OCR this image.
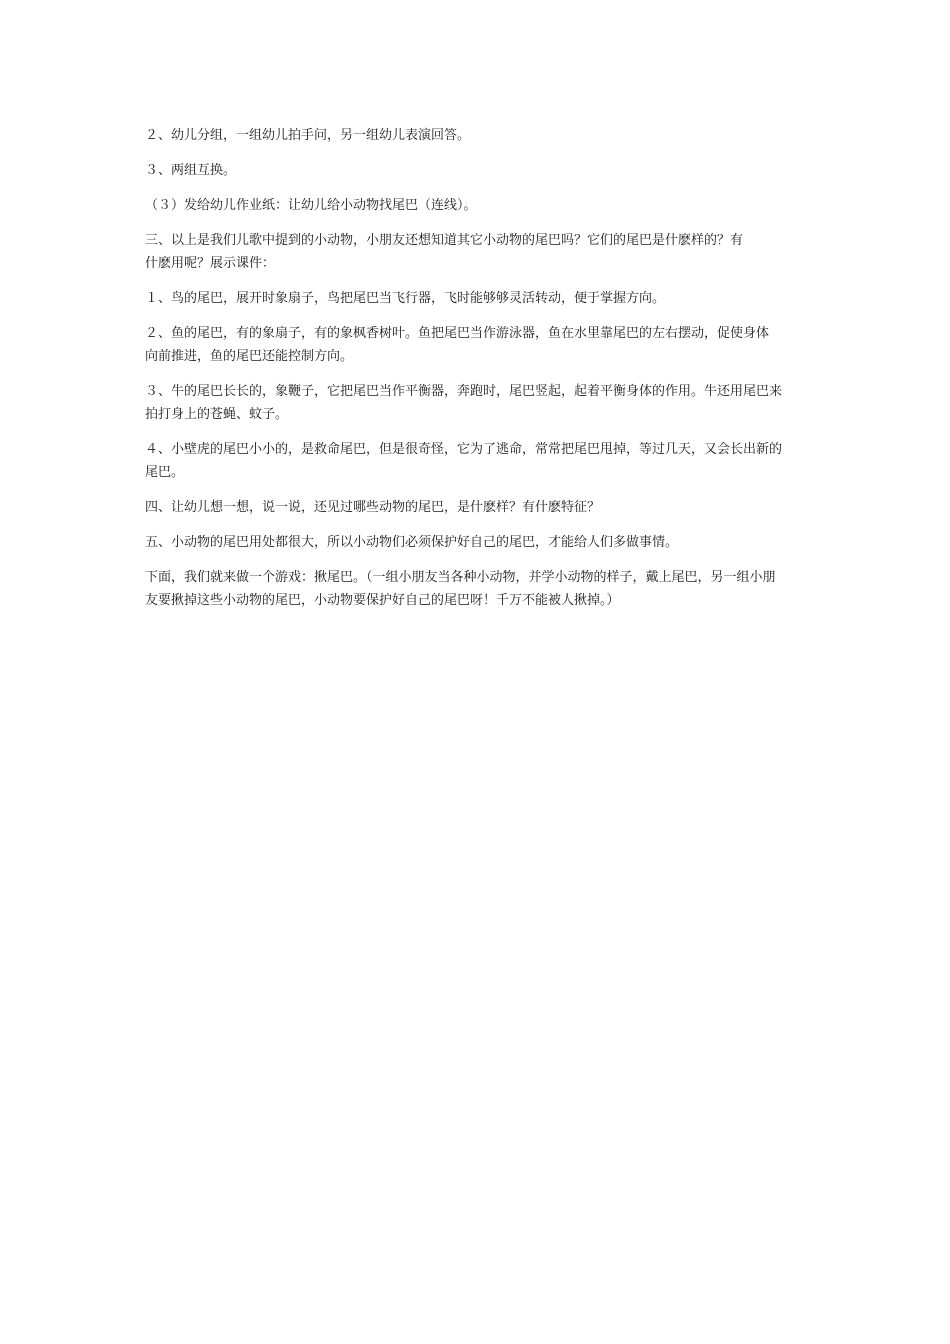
２、幼儿分组，一组幼儿拍手问，另一组幼儿表演回答。

３、两组互换。

（３）发给幼儿作业纸：让幼儿给小动物找尾巴（连线）。

三、以上是我们儿歌中提到的小动物，小朋友还想知道其它小动物的尾巴吗？它们的尾巴是什麽样的？有
什麽用呢？展示课件：

１、鸟的尾巴，展开时象扇子，鸟把尾巴当飞行器，飞时能够够灵活转动，便于掌握方向。

２、鱼的尾巴，有的象扇子，有的象枫香树叶。鱼把尾巴当作游泳器，鱼在水里靠尾巴的左右摆动，促使身体
向前推进，鱼的尾巴还能控制方向。

３、牛的尾巴长长的，象鞭子，它把尾巴当作平衡器，奔跑时，尾巴竖起，起着平衡身体的作用。牛还用尾巴来
拍打身上的苍蝇、蚊子。

４、小壁虎的尾巴小小的，是救命尾巴，但是很奇怪，它为了逃命，常常把尾巴甩掉，等过几天，又会长出新的
尾巴。

四、让幼儿想一想，说一说，还见过哪些动物的尾巴，是什麽样？有什麽特征？

五、小动物的尾巴用处都很大，所以小动物们必须保护好自己的尾巴，才能给人们多做事情。

下面，我们就来做一个游戏：揪尾巴。（一组小朋友当各种小动物，并学小动物的样子，戴上尾巴，另一组小朋
友要揪掉这些小动物的尾巴，小动物要保护好自己的尾巴呀！千万不能被人揪掉。）
